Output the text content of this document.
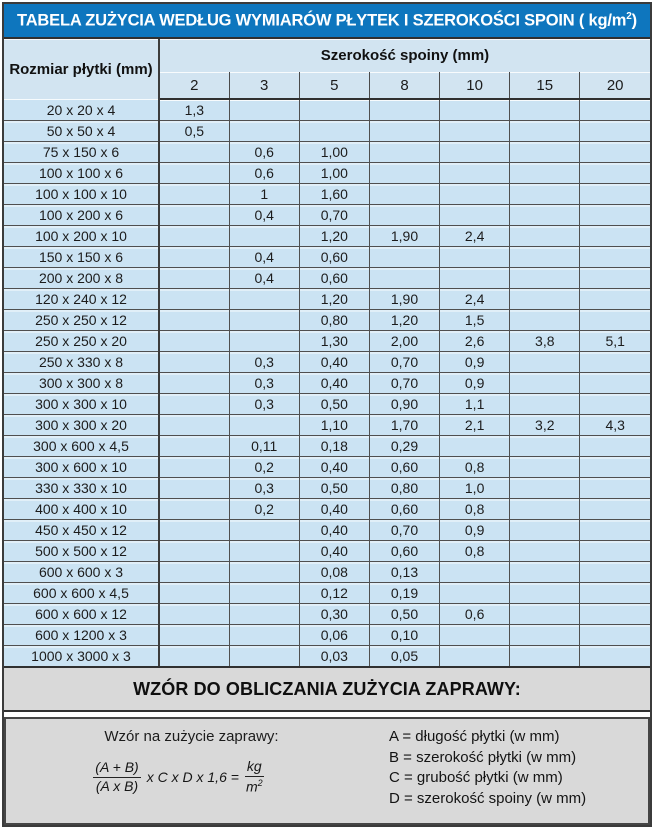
TABELA ZUŻYCIA WEDŁUG WYMIARÓW PŁYTEK I SZEROKOŚCI SPOIN ( $kg/m^2$)
Rozmiar płytki (mm)	Szerokość spoiny (mm)						
	2	3	5	8	10	15	20
20 x 20 x 4	1,3						
50 x 50 x 4	0,5						
75 x 150 x 6		0,6	1,00				
100 x 100 x 6		0,6	1,00				
100 x 100 x 10		1	1,60				
100 x 200 x 6		0,4	0,70				
100 x 200 x 10			1,20	1,90	2,4		
150 x 150 x 6		0,4	0,60				
200 x 200 x 8		0,4	0,60				
120 x 240 x 12			1,20	1,90	2,4		
250 x 250 x 12			0,80	1,20	1,5		
250 x 250 x 20			1,30	2,00	2,6	3,8	5,1
250 x 330 x 8		0,3	0,40	0,70	0,9		
300 x 300 x 8		0,3	0,40	0,70	0,9		
300 x 300 x 10		0,3	0,50	0,90	1,1		
300 x 300 x 20			1,10	1,70	2,1	3,2	4,3
300 x 600 x 4,5		0,11	0,18	0,29			
300 x 600 x 10		0,2	0,40	0,60	0,8		
330 x 330 x 10		0,3	0,50	0,80	1,0		
400 x 400 x 10		0,2	0,40	0,60	0,8		
450 x 450 x 12			0,40	0,70	0,9		
500 x 500 x 12			0,40	0,60	0,8		
600 x 600 x 3			0,08	0,13			
600 x 600 x 4,5			0,12	0,19			
600 x 600 x 12			0,30	0,50	0,6		
600 x 1200 x 3			0,06	0,10			
1000 x 3000 x 3			0,03	0,05			
WZÓR DO OBLICZANIA ZUŻYCIA ZAPRAWY:
Wzór na zużycie zaprawy:
$\frac{(A + B)}{\text{(A x B)}}$ x C x D x $1,6 = \frac{kg}{m^2}$
A = długość płytki (w mm)
B = szerokość płytki (w mm)
C = grubość płytki (w mm)
D = szerokość spoiny (w mm)
